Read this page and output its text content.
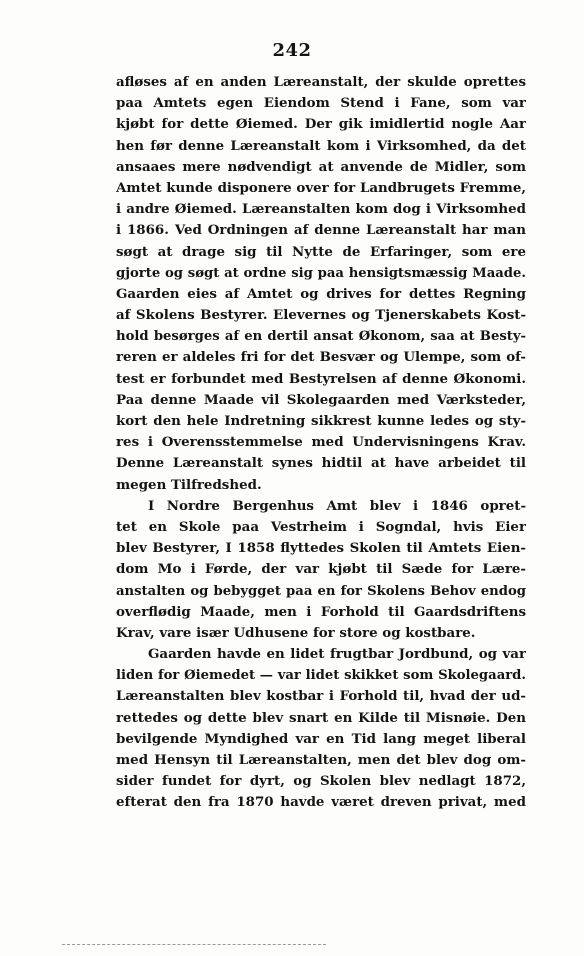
242
afløses af en anden Læreanstalt, der skulde oprettes
paa Amtets egen Eiendom Stend i Fane, som var
kjøbt for dette Øiemed. Der gik imidlertid nogle Aar
hen før denne Læreanstalt kom i Virksomhed, da det
ansaaes mere nødvendigt at anvende de Midler, som
Amtet kunde disponere over for Landbrugets Fremme,
i andre Øiemed. Læreanstalten kom dog i Virksomhed
i 1866. Ved Ordningen af denne Læreanstalt har man
søgt at drage sig til Nytte de Erfaringer, som ere
gjorte og søgt at ordne sig paa hensigtsmæssig Maade.
Gaarden eies af Amtet og drives for dettes Regning
af Skolens Bestyrer. Elevernes og Tjenerskabets Kost-
hold besørges af en dertil ansat Økonom, saa at Besty-
reren er aldeles fri for det Besvær og Ulempe, som of-
test er forbundet med Bestyrelsen af denne Økonomi.
Paa denne Maade vil Skolegaarden med Værksteder,
kort den hele Indretning sikkrest kunne ledes og sty-
res i Overensstemmelse med Undervisningens Krav.
Denne Læreanstalt synes hidtil at have arbeidet til
megen Tilfredshed.
I Nordre Bergenhus Amt blev i 1846 opret-
tet en Skole paa Vestrheim i Sogndal, hvis Eier
blev Bestyrer, I 1858 flyttedes Skolen til Amtets Eien-
dom Mo i Førde, der var kjøbt til Sæde for Lære-
anstalten og bebygget paa en for Skolens Behov endog
overflødig Maade, men i Forhold til Gaardsdriftens
Krav, vare især Udhusene for store og kostbare.
Gaarden havde en lidet frugtbar Jordbund, og var
liden for Øiemedet — var lidet skikket som Skolegaard.
Læreanstalten blev kostbar i Forhold til, hvad der ud-
rettedes og dette blev snart en Kilde til Misnøie. Den
bevilgende Myndighed var en Tid lang meget liberal
med Hensyn til Læreanstalten, men det blev dog om-
sider fundet for dyrt, og Skolen blev nedlagt 1872,
efterat den fra 1870 havde været dreven privat, med
